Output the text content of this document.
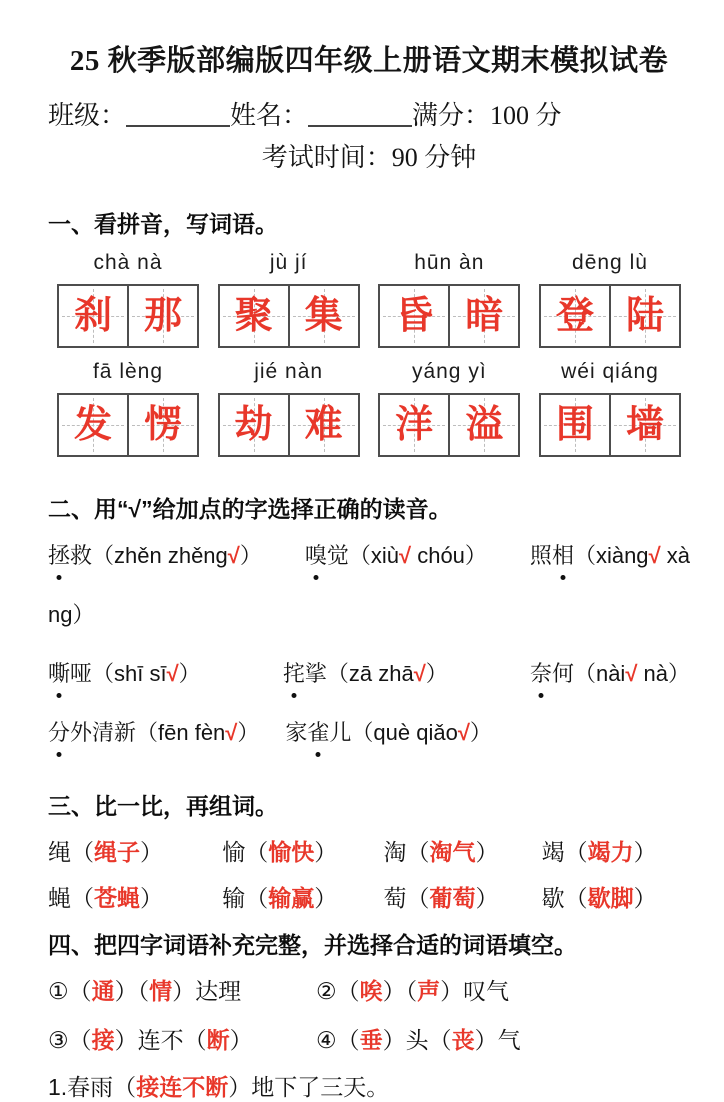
25 秋季版部编版四年级上册语文期末模拟试卷
班级：	姓名：	满分：100 分
考试时间：90 分钟
一、看拼音，写词语。
chà nà
刹 那
jù jí
聚 集
hūn àn
昏 暗
dēng lù
登 陆
fā lèng
发 愣
jié nàn
劫 难
yáng yì
洋 溢
wéi qiáng
围 墙
二、用“√”给加点的字选择正确的读音。
拯救（zhěn zhěng√） 嗅觉（xiù√ chóu） 照相（xiàng√ xà
ng）
嘶哑（shī sī√）	挓挲（zā zhā√）	奈何（nài√ nà）
分外清新（fēn fèn√） 家雀儿（què qiǎo√）
三、比一比，再组词。
绳（绳子）	愉（愉快）	淘（淘气）	竭（竭力）
蝇（苍蝇）	输（输赢）	萄（葡萄）	歇（歇脚）
四、把四字词语补充完整，并选择合适的词语填空。
①（通）（情）达理	②（唉）（声）叹气
③（接）连不（断）	④（垂）头（丧）气
1.春雨（接连不断）地下了三天。
